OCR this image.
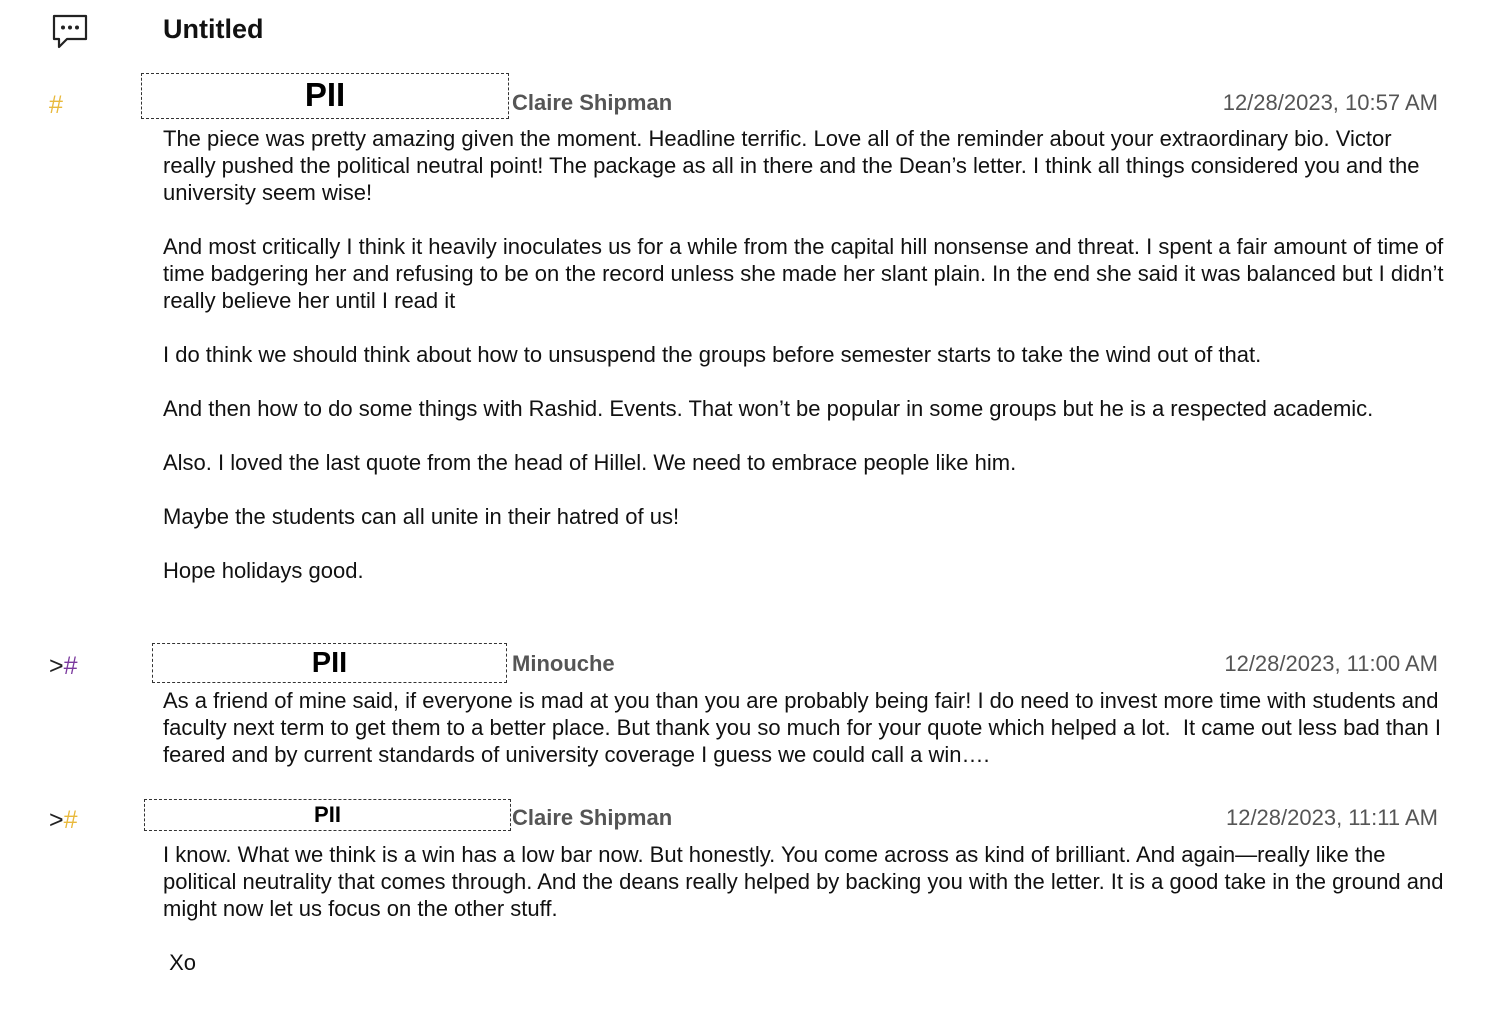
Untitled
#	PII	Claire Shipman	12/28/2023, 10:57 AM

The piece was pretty amazing given the moment. Headline terrific. Love all of the reminder about your extraordinary bio. Victor really pushed the political neutral point! The package as all in there and the Dean’s letter. I think all things considered you and the university seem wise!

And most critically I think it heavily inoculates us for a while from the capital hill nonsense and threat. I spent a fair amount of time of time badgering her and refusing to be on the record unless she made her slant plain. In the end she said it was balanced but I didn’t really believe her until I read it

I do think we should think about how to unsuspend the groups before semester starts to take the wind out of that.

And then how to do some things with Rashid. Events. That won’t be popular in some groups but he is a respected academic.

Also. I loved the last quote from the head of Hillel. We need to embrace people like him.

Maybe the students can all unite in their hatred of us!

Hope holidays good.

>#	PII	Minouche	12/28/2023, 11:00 AM

As a friend of mine said, if everyone is mad at you than you are probably being fair! I do need to invest more time with students and faculty next term to get them to a better place. But thank you so much for your quote which helped a lot.  It came out less bad than I feared and by current standards of university coverage I guess we could call a win….

>#	PII	Claire Shipman	12/28/2023, 11:11 AM

I know. What we think is a win has a low bar now. But honestly. You come across as kind of brilliant. And again—really like the political neutrality that comes through. And the deans really helped by backing you with the letter. It is a good take in the ground and might now let us focus on the other stuff.

Xo
